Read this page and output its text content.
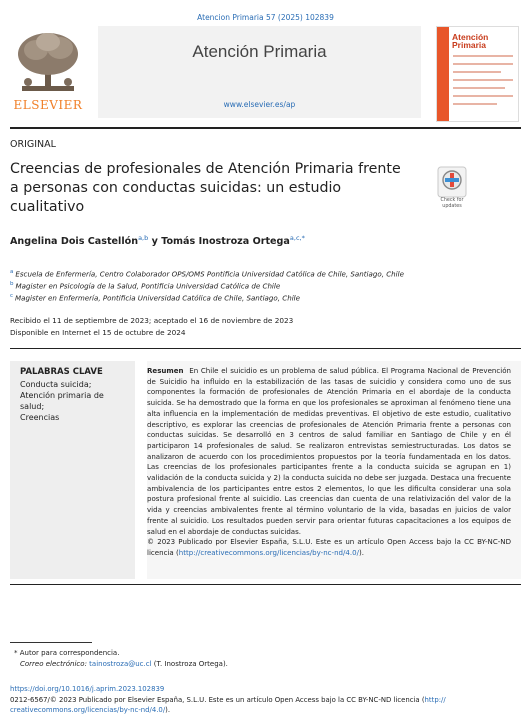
Atencion Primaria 57 (2025) 102839
ELSEVIER
Atención Primaria
www.elsevier.es/ap
Atención
Primaria
ORIGINAL
Creencias de profesionales de Atención Primaria frente a personas con conductas suicidas: un estudio cualitativo	Check for updates
Angelina Dois Castellón$^{a,b}$ y Tomás Inostroza Ortega$^{a,c,*}$
$^a$ Escuela de Enfermería, Centro Colaborador OPS/OMS Pontificia Universidad Católica de Chile, Santiago, Chile
$^b$ Magister en Psicología de la Salud, Pontificia Universidad Católica de Chile
$^c$ Magister en Enfermería, Pontificia Universidad Católica de Chile, Santiago, Chile
Recibido el 11 de septiembre de 2023; aceptado el 16 de noviembre de 2023
Disponible en Internet el 15 de octubre de 2024
PALABRAS CLAVE
Conducta suicida;
Atención primaria de
salud;
Creencias
Resumen En Chile el suicidio es un problema de salud pública. El Programa Nacional de Prevención de Suicidio ha influido en la estabilización de las tasas de suicidio y considera como uno de sus componentes la formación de profesionales de Atención Primaria en el abordaje de la conducta suicida. Se ha demostrado que la forma en que los profesionales se aproximan al fenómeno tiene una alta influencia en la implementación de medidas preventivas. El objetivo de este estudio, cualitativo descriptivo, es explorar las creencias de profesionales de Atención Primaria frente a personas con conductas suicidas. Se desarrolló en 3 centros de salud familiar en Santiago de Chile y en él participaron 14 profesionales de salud. Se realizaron entrevistas semiestructuradas. Los datos se analizaron de acuerdo con los procedimientos propuestos por la teoría fundamentada en los datos. Las creencias de los profesionales participantes frente a la conducta suicida se agrupan en 1) validación de la conducta suicida y 2) la conducta suicida no debe ser juzgada. Destaca una frecuente ambivalencia de los participantes entre estos 2 elementos, lo que les dificulta considerar una sola postura profesional frente al suicidio. Las creencias dan cuenta de una relativización del valor de la vida y creencias ambivalentes frente al término voluntario de la vida, basadas en juicios de valor frente al suicidio. Los resultados pueden servir para orientar futuras capacitaciones a los equipos de salud en el abordaje de conductas suicidas.
© 2023 Publicado por Elsevier España, S.L.U. Este es un artículo Open Access bajo la CC BY-NC-ND licencia (http://creativecommons.org/licencias/by-nc-nd/4.0/).
* Autor para correspondencia.
Correo electrónico: tainostroza@uc.cl (T. Inostroza Ortega).
https://doi.org/10.1016/j.aprim.2023.102839
0212-6567/© 2023 Publicado por Elsevier España, S.L.U. Este es un artículo Open Access bajo la CC BY-NC-ND licencia (http://
creativecommons.org/licencias/by-nc-nd/4.0/).
